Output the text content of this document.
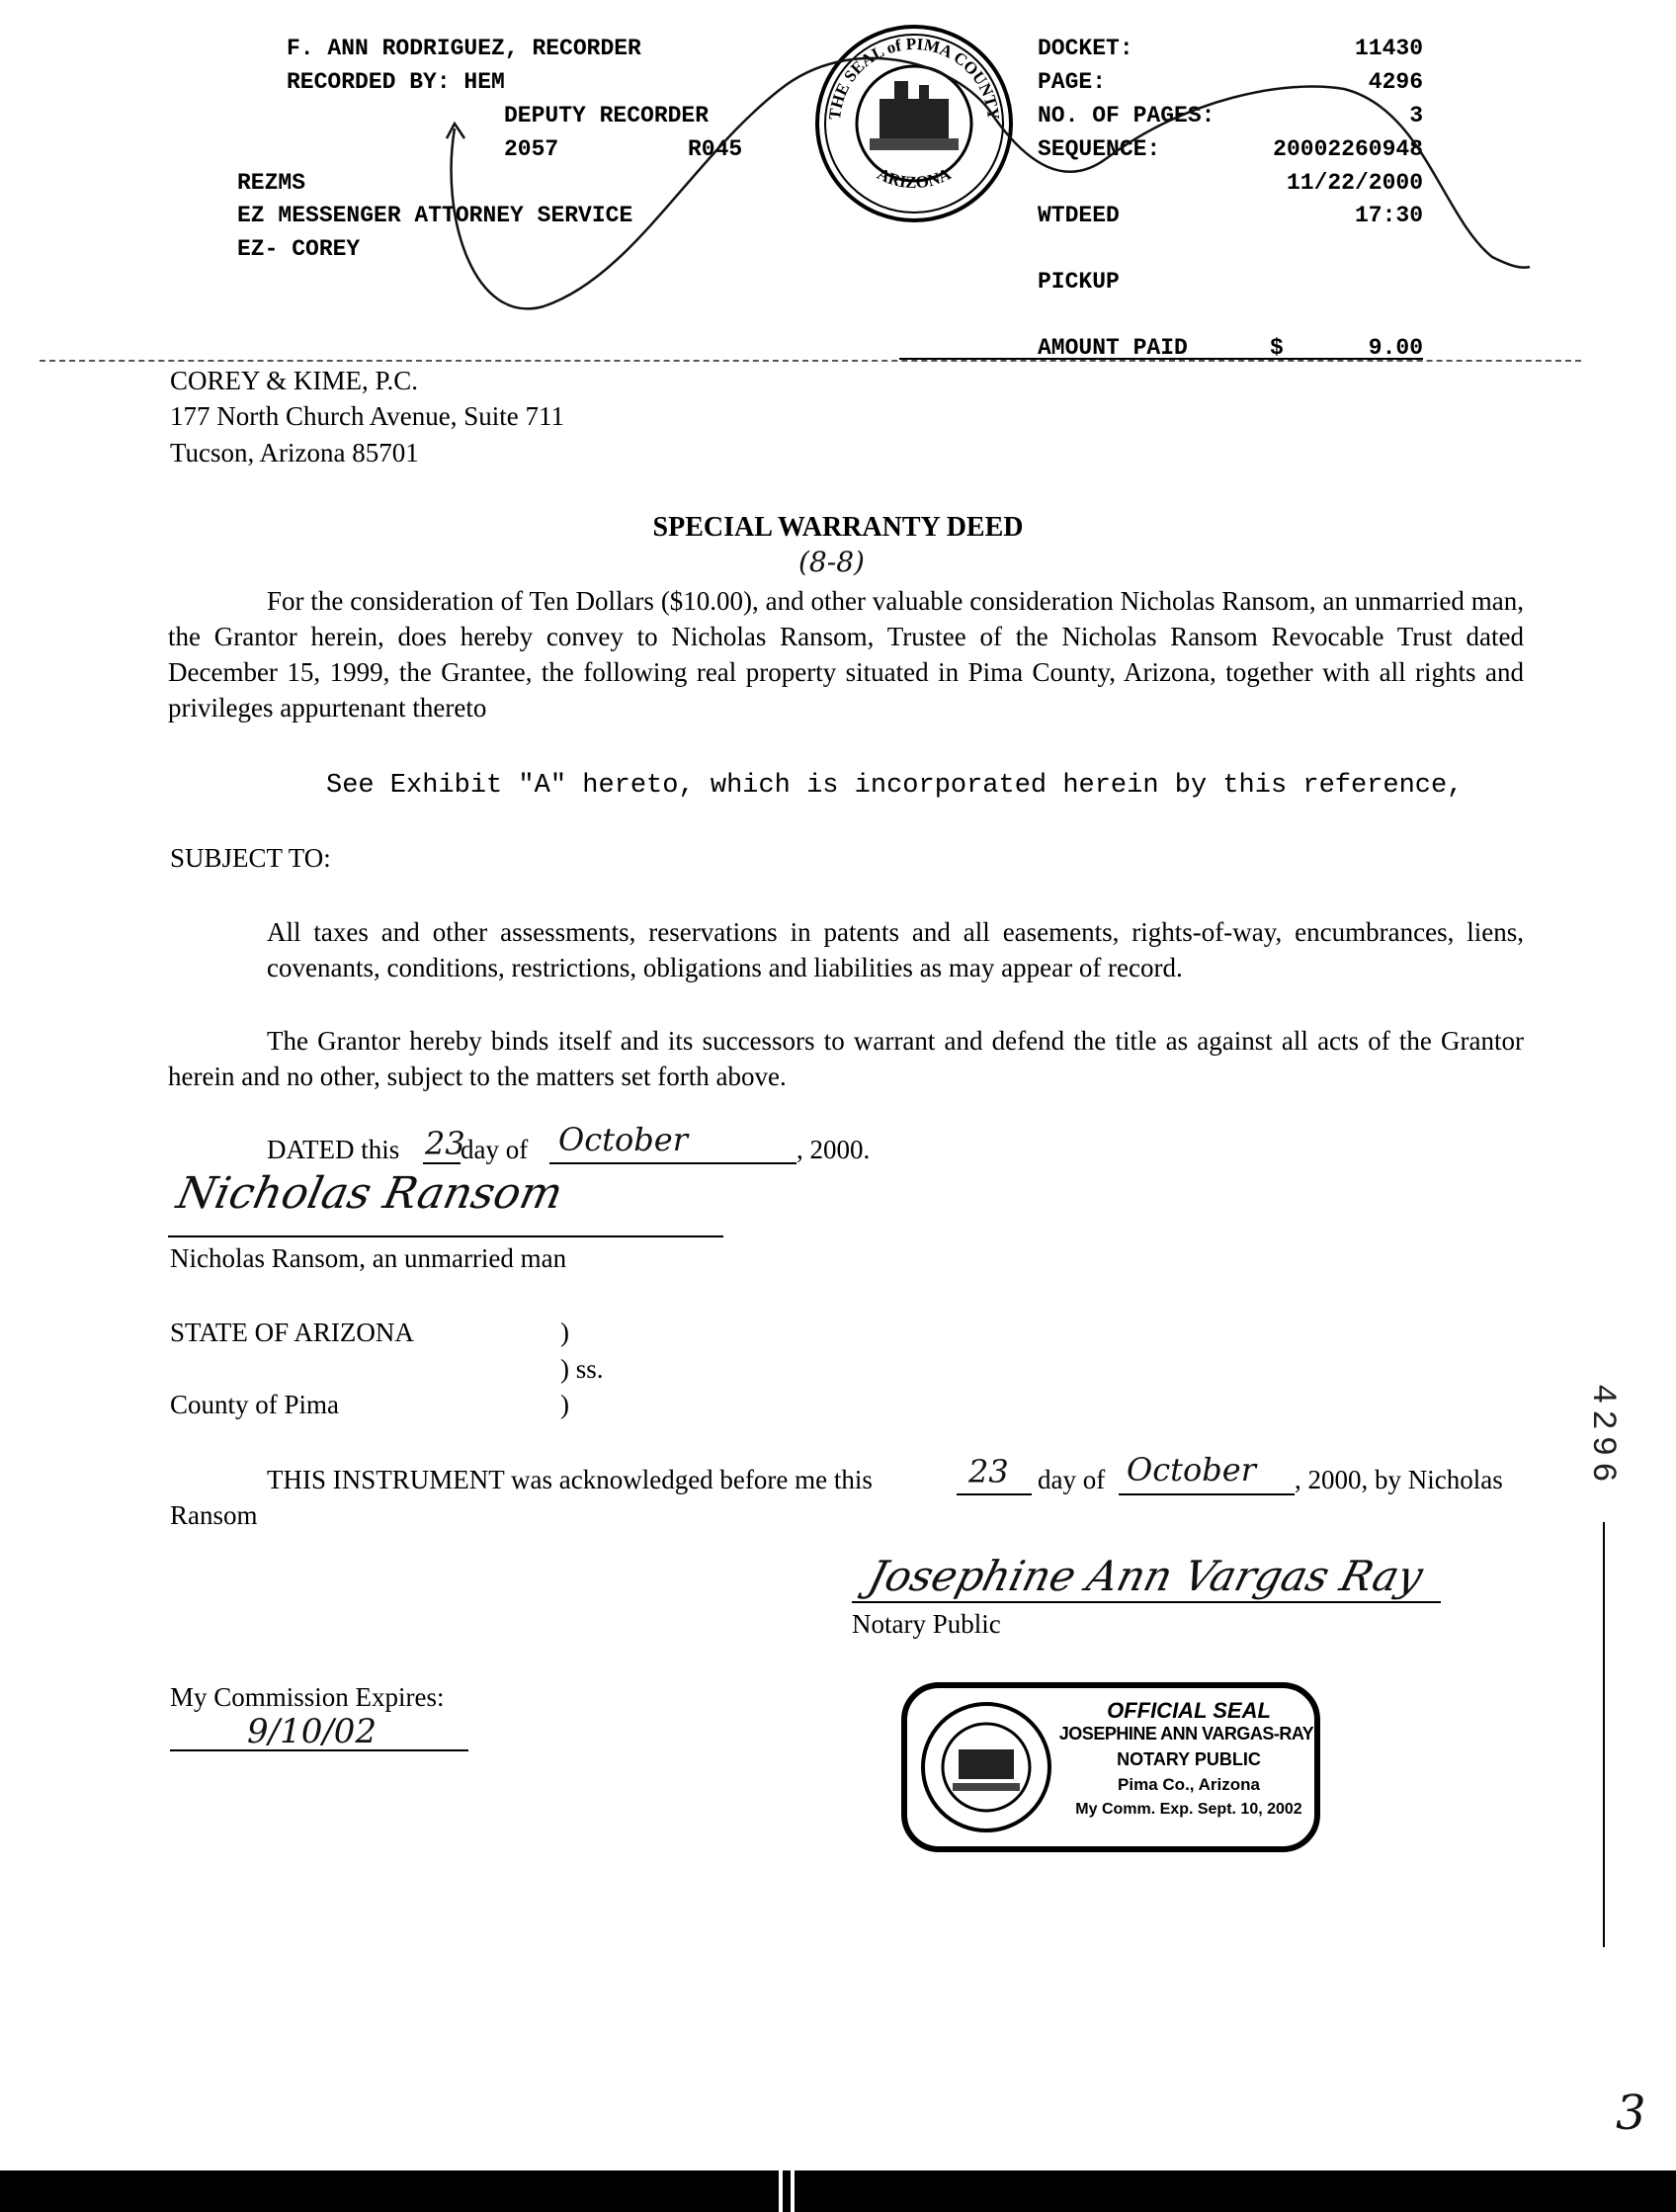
F. ANN RODRIGUEZ, RECORDER
RECORDED BY: HEM
DEPUTY RECORDER
2057	R045
REZMS
EZ MESSENGER ATTORNEY SERVICE
EZ- COREY
THE SEAL of PIMA COUNTY
ARIZONA
DOCKET:	11430
PAGE:	4296
NO. OF PAGES:	3
SEQUENCE:	20002260948
11/22/2000
WTDEED	17:30
PICKUP
AMOUNT PAID	$	9.00
COREY & KIME, P.C.
177 North Church Avenue, Suite 711
Tucson, Arizona 85701
SPECIAL WARRANTY DEED
(8-8)
For the consideration of Ten Dollars ($10.00), and other valuable consideration Nicholas Ransom, an unmarried man, the Grantor herein, does hereby convey to Nicholas Ransom, Trustee of the Nicholas Ransom Revocable Trust dated December 15, 1999, the Grantee, the following real property situated in Pima County, Arizona, together with all rights and privileges appurtenant thereto
See Exhibit "A" hereto, which is incorporated herein by this reference,
SUBJECT TO:
All taxes and other assessments, reservations in patents and all easements, rights-of-way, encumbrances, liens, covenants, conditions, restrictions, obligations and liabilities as may appear of record.
The Grantor hereby binds itself and its successors to warrant and defend the title as against all acts of the Grantor herein and no other, subject to the matters set forth above.
DATED this 23
day of October	, 2000.
Nicholas Ransom
Nicholas Ransom, an unmarried man
STATE OF ARIZONA	)
) ss.
County of Pima	)
THIS INSTRUMENT was acknowledged before me this	23 day of October , 2000, by Nicholas
Ransom
Josephine Ann Vargas Ray
Notary Public
My Commission Expires:
9/10/02
OFFICIAL SEAL
JOSEPHINE ANN VARGAS-RAY
NOTARY PUBLIC
Pima Co., Arizona
My Comm. Exp. Sept. 10, 2002
4296
3
